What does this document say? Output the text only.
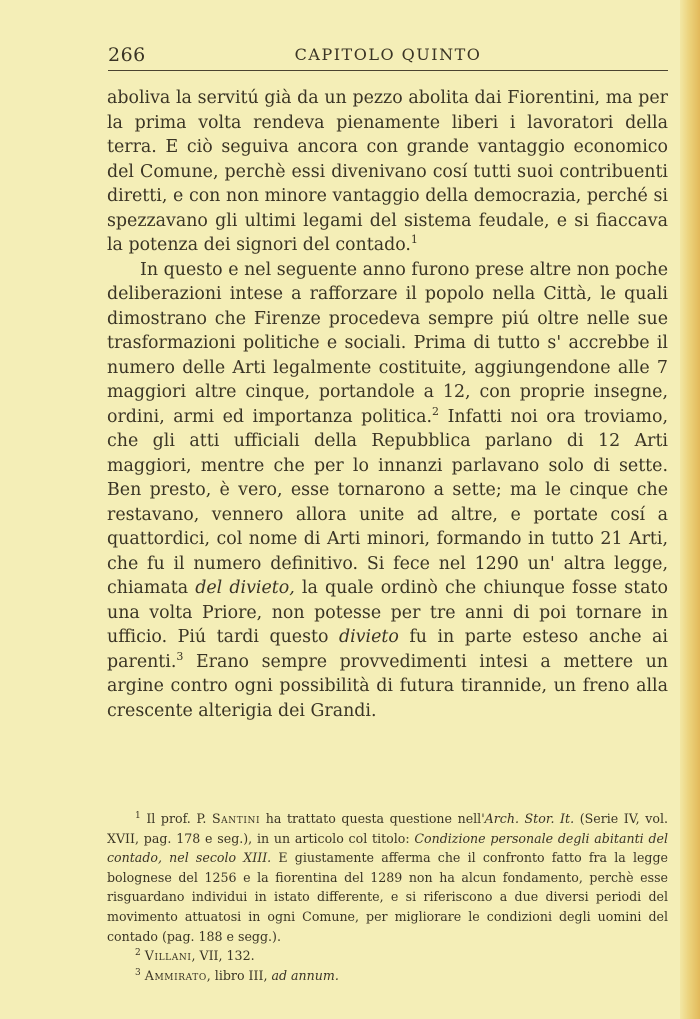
266	CAPITOLO QUINTO

aboliva la servitú già da un pezzo abolita dai Fiorentini, ma per la prima volta rendeva pienamente liberi i lavoratori della terra. E ciò seguiva ancora con grande vantaggio economico del Comune, perchè essi divenivano cosí tutti suoi contribuenti diretti, e con non minore vantaggio della democrazia, perché si spezzavano gli ultimi legami del sistema feudale, e si fiaccava la potenza dei signori del contado.$^1$

In questo e nel seguente anno furono prese altre non poche deliberazioni intese a rafforzare il popolo nella Città, le quali dimostrano che Firenze procedeva sempre piú oltre nelle sue trasformazioni politiche e sociali. Prima di tutto s' accrebbe il numero delle Arti legalmente costituite, aggiungendone alle 7 maggiori altre cinque, portandole a 12, con proprie insegne, ordini, armi ed importanza politica.$^2$ Infatti noi ora troviamo, che gli atti ufficiali della Repubblica parlano di 12 Arti maggiori, mentre che per lo innanzi parlavano solo di sette. Ben presto, è vero, esse tornarono a sette; ma le cinque che restavano, vennero allora unite ad altre, e portate cosí a quattordici, col nome di Arti minori, formando in tutto 21 Arti, che fu il numero definitivo. Si fece nel 1290 un' altra legge, chiamata del divieto, la quale ordinò che chiunque fosse stato una volta Priore, non potesse per tre anni di poi tornare in ufficio. Piú tardi questo divieto fu in parte esteso anche ai parenti.$^3$ Erano sempre provvedimenti intesi a mettere un argine contro ogni possibilità di futura tirannide, un freno alla crescente alterigia dei Grandi.

$^1$ Il prof. P. Santini ha trattato questa questione nell'Arch. Stor. It. (Serie IV, vol. XVII, pag. 178 e seg.), in un articolo col titolo: Condizione personale degli abitanti del contado, nel secolo XIII. E giustamente afferma che il confronto fatto fra la legge bolognese del 1256 e la fiorentina del 1289 non ha alcun fondamento, perchè esse risguardano individui in istato differente, e si riferiscono a due diversi periodi del movimento attuatosi in ogni Comune, per migliorare le condizioni degli uomini del contado (pag. 188 e segg.).

$^2$ Villani, VII, 132.

$^3$ Ammirato, libro III, ad annum.
